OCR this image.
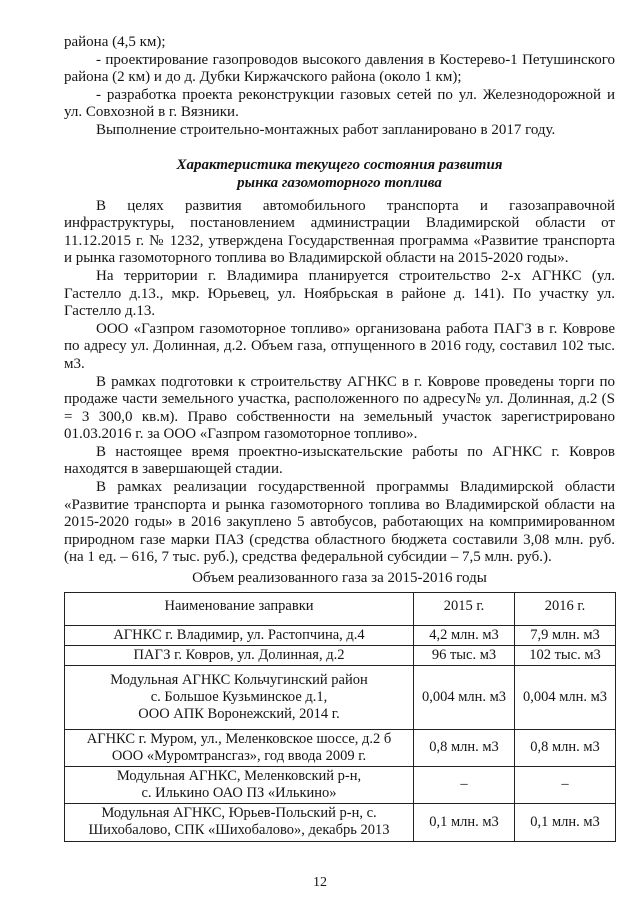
района (4,5 км);

- проектирование газопроводов высокого давления в Костерево-1 Петушинского района (2 км) и до д. Дубки Киржачского района (около 1 км);

- разработка проекта реконструкции газовых сетей по ул. Железнодорожной и ул. Совхозной в г. Вязники.

Выполнение строительно-монтажных работ запланировано в 2017 году.

Характеристика текущего состояния развития
рынка газомоторного топлива

В целях развития автомобильного транспорта и газозаправочной инфраструктуры, постановлением администрации Владимирской области от 11.12.2015 г. № 1232, утверждена Государственная программа «Развитие транспорта и рынка газомоторного топлива во Владимирской области на 2015-2020 годы».

На территории г. Владимира планируется строительство 2-х АГНКС (ул. Гастелло д.13., мкр. Юрьевец, ул. Ноябрьская в районе д. 141). По участку ул. Гастелло д.13.

ООО «Газпром газомоторное топливо» организована работа ПАГЗ в г. Коврове по адресу ул. Долинная, д.2. Объем газа, отпущенного в 2016 году, составил 102 тыс. м3.

В рамках подготовки к строительству АГНКС в г. Коврове проведены торги по продаже части земельного участка, расположенного по адресу№ ул. Долинная, д.2 (S = 3 300,0 кв.м). Право собственности на земельный участок зарегистрировано 01.03.2016 г. за ООО «Газпром газомоторное топливо».

В настоящее время проектно-изыскательские работы по АГНКС г. Ковров находятся в завершающей стадии.

В рамках реализации государственной программы Владимирской области «Развитие транспорта и рынка газомоторного топлива во Владимирской области на 2015-2020 годы» в 2016 закуплено 5 автобусов, работающих на компримированном природном газе марки ПАЗ (средства областного бюджета составили 3,08 млн. руб. (на 1 ед. – 616, 7 тыс. руб.), средства федеральной субсидии – 7,5 млн. руб.).

Объем реализованного газа за 2015-2016 годы
Наименование заправки	2015 г.	2016 г.

АГНКС г. Владимир, ул. Растопчина, д.4	4,2 млн. м3	7,9 млн. м3

ПАГЗ г. Ковров, ул. Долинная, д.2	96 тыс. м3	102 тыс. м3

Модульная АГНКС Кольчугинский район
с. Большое Кузьминское д.1,
ООО АПК Воронежский, 2014 г.	0,004 млн. м3	0,004 млн. м3

АГНКС г. Муром, ул., Меленковское шоссе, д.2 б
ООО «Муромтрансгаз», год ввода 2009 г.	0,8 млн. м3	0,8 млн. м3

Модульная АГНКС, Меленковский р-н,
с. Илькино ОАО ПЗ «Илькино»	–	–

Модульная АГНКС, Юрьев-Польский р-н, с.
Шихобалово, СПК «Шихобалово», декабрь 2013	0,1 млн. м3	0,1 млн. м3
12
